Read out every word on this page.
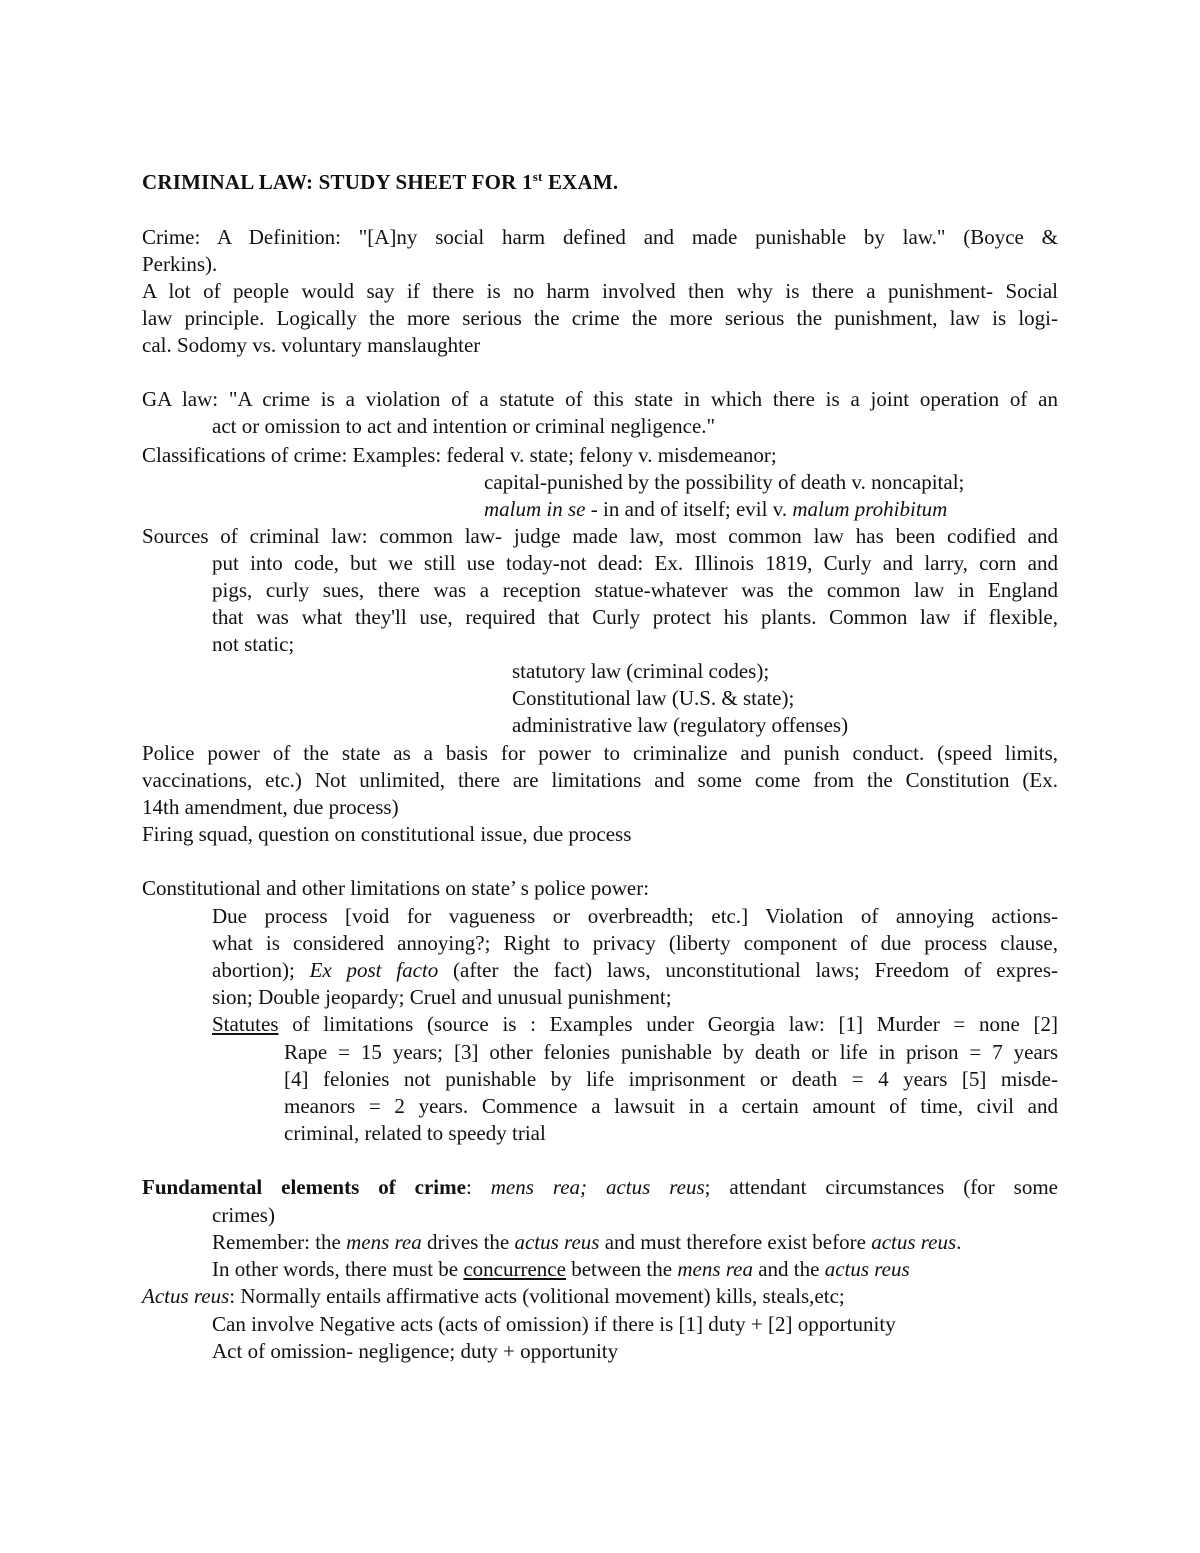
CRIMINAL LAW: STUDY SHEET FOR 1st EXAM.
Crime: A Definition: "[A]ny social harm defined and made punishable by law." (Boyce &
Perkins).
A lot of people would say if there is no harm involved then why is there a punishment- Social
law principle. Logically the more serious the crime the more serious the punishment, law is logi-
cal. Sodomy vs. voluntary manslaughter
GA law: "A crime is a violation of a statute of this state in which there is a joint operation of an
act or omission to act and intention or criminal negligence."
Classifications of crime: Examples: federal v. state; felony v. misdemeanor;
capital-punished by the possibility of death v. noncapital;
malum in se - in and of itself; evil v. malum prohibitum
Sources of criminal law: common law- judge made law, most common law has been codified and
put into code, but we still use today-not dead: Ex. Illinois 1819, Curly and larry, corn and
pigs, curly sues, there was a reception statue-whatever was the common law in England
that was what they'll use, required that Curly protect his plants. Common law if flexible,
not static;
statutory law (criminal codes);
Constitutional law (U.S. & state);
administrative law (regulatory offenses)
Police power of the state as a basis for power to criminalize and punish conduct. (speed limits,
vaccinations, etc.) Not unlimited, there are limitations and some come from the Constitution (Ex.
14th amendment, due process)
Firing squad, question on constitutional issue, due process
Constitutional and other limitations on state’ s police power:
Due process [void for vagueness or overbreadth; etc.] Violation of annoying actions-
what is considered annoying?; Right to privacy (liberty component of due process clause,
abortion); Ex post facto (after the fact) laws, unconstitutional laws; Freedom of expres-
sion; Double jeopardy; Cruel and unusual punishment;
Statutes of limitations (source is : Examples under Georgia law: [1] Murder = none [2]
Rape = 15 years; [3] other felonies punishable by death or life in prison = 7 years
[4] felonies not punishable by life imprisonment or death = 4 years [5] misde-
meanors = 2 years. Commence a lawsuit in a certain amount of time, civil and
criminal, related to speedy trial
Fundamental elements of crime: mens rea; actus reus; attendant circumstances (for some
crimes)
Remember: the mens rea drives the actus reus and must therefore exist before actus reus.
In other words, there must be concurrence between the mens rea and the actus reus
Actus reus: Normally entails affirmative acts (volitional movement) kills, steals,etc;
Can involve Negative acts (acts of omission) if there is [1] duty + [2] opportunity
Act of omission- negligence; duty + opportunity
